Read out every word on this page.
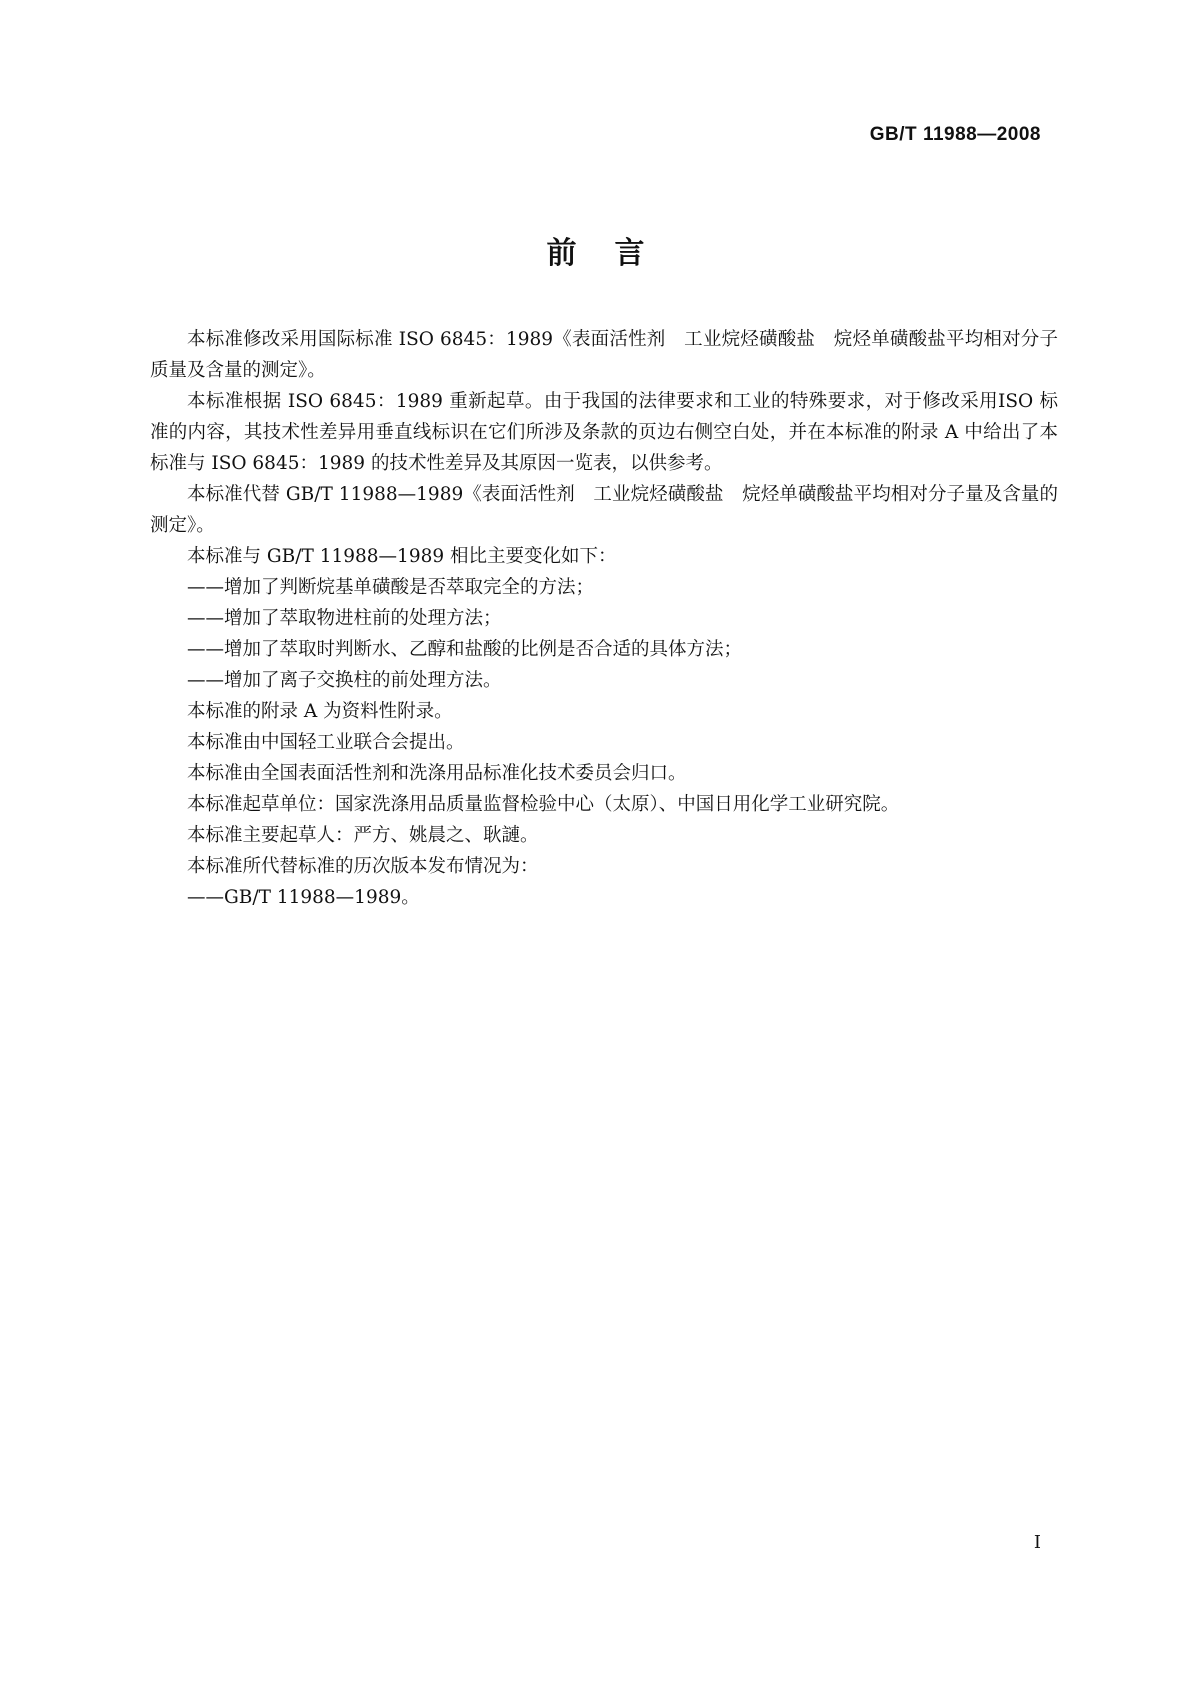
GB/T 11988—2008
前言

本标准修改采用国际标准 ISO 6845：1989《表面活性剂　工业烷烃磺酸盐　烷烃单磺酸盐平均相对分子质量及含量的测定》。

本标准根据 ISO 6845：1989 重新起草。由于我国的法律要求和工业的特殊要求，对于修改采用ISO 标准的内容，其技术性差异用垂直线标识在它们所涉及条款的页边右侧空白处，并在本标准的附录 A 中给出了本标准与 ISO 6845：1989 的技术性差异及其原因一览表，以供参考。

本标准代替 GB/T 11988—1989《表面活性剂　工业烷烃磺酸盐　烷烃单磺酸盐平均相对分子量及含量的测定》。

本标准与 GB/T 11988—1989 相比主要变化如下：

——增加了判断烷基单磺酸是否萃取完全的方法；

——增加了萃取物进柱前的处理方法；

——增加了萃取时判断水、乙醇和盐酸的比例是否合适的具体方法；

——增加了离子交换柱的前处理方法。

本标准的附录 A 为资料性附录。

本标准由中国轻工业联合会提出。

本标准由全国表面活性剂和洗涤用品标准化技术委员会归口。

本标准起草单位：国家洗涤用品质量监督检验中心（太原）、中国日用化学工业研究院。

本标准主要起草人：严方、姚晨之、耿謰。

本标准所代替标准的历次版本发布情况为：

——GB/T 11988—1989。

I
